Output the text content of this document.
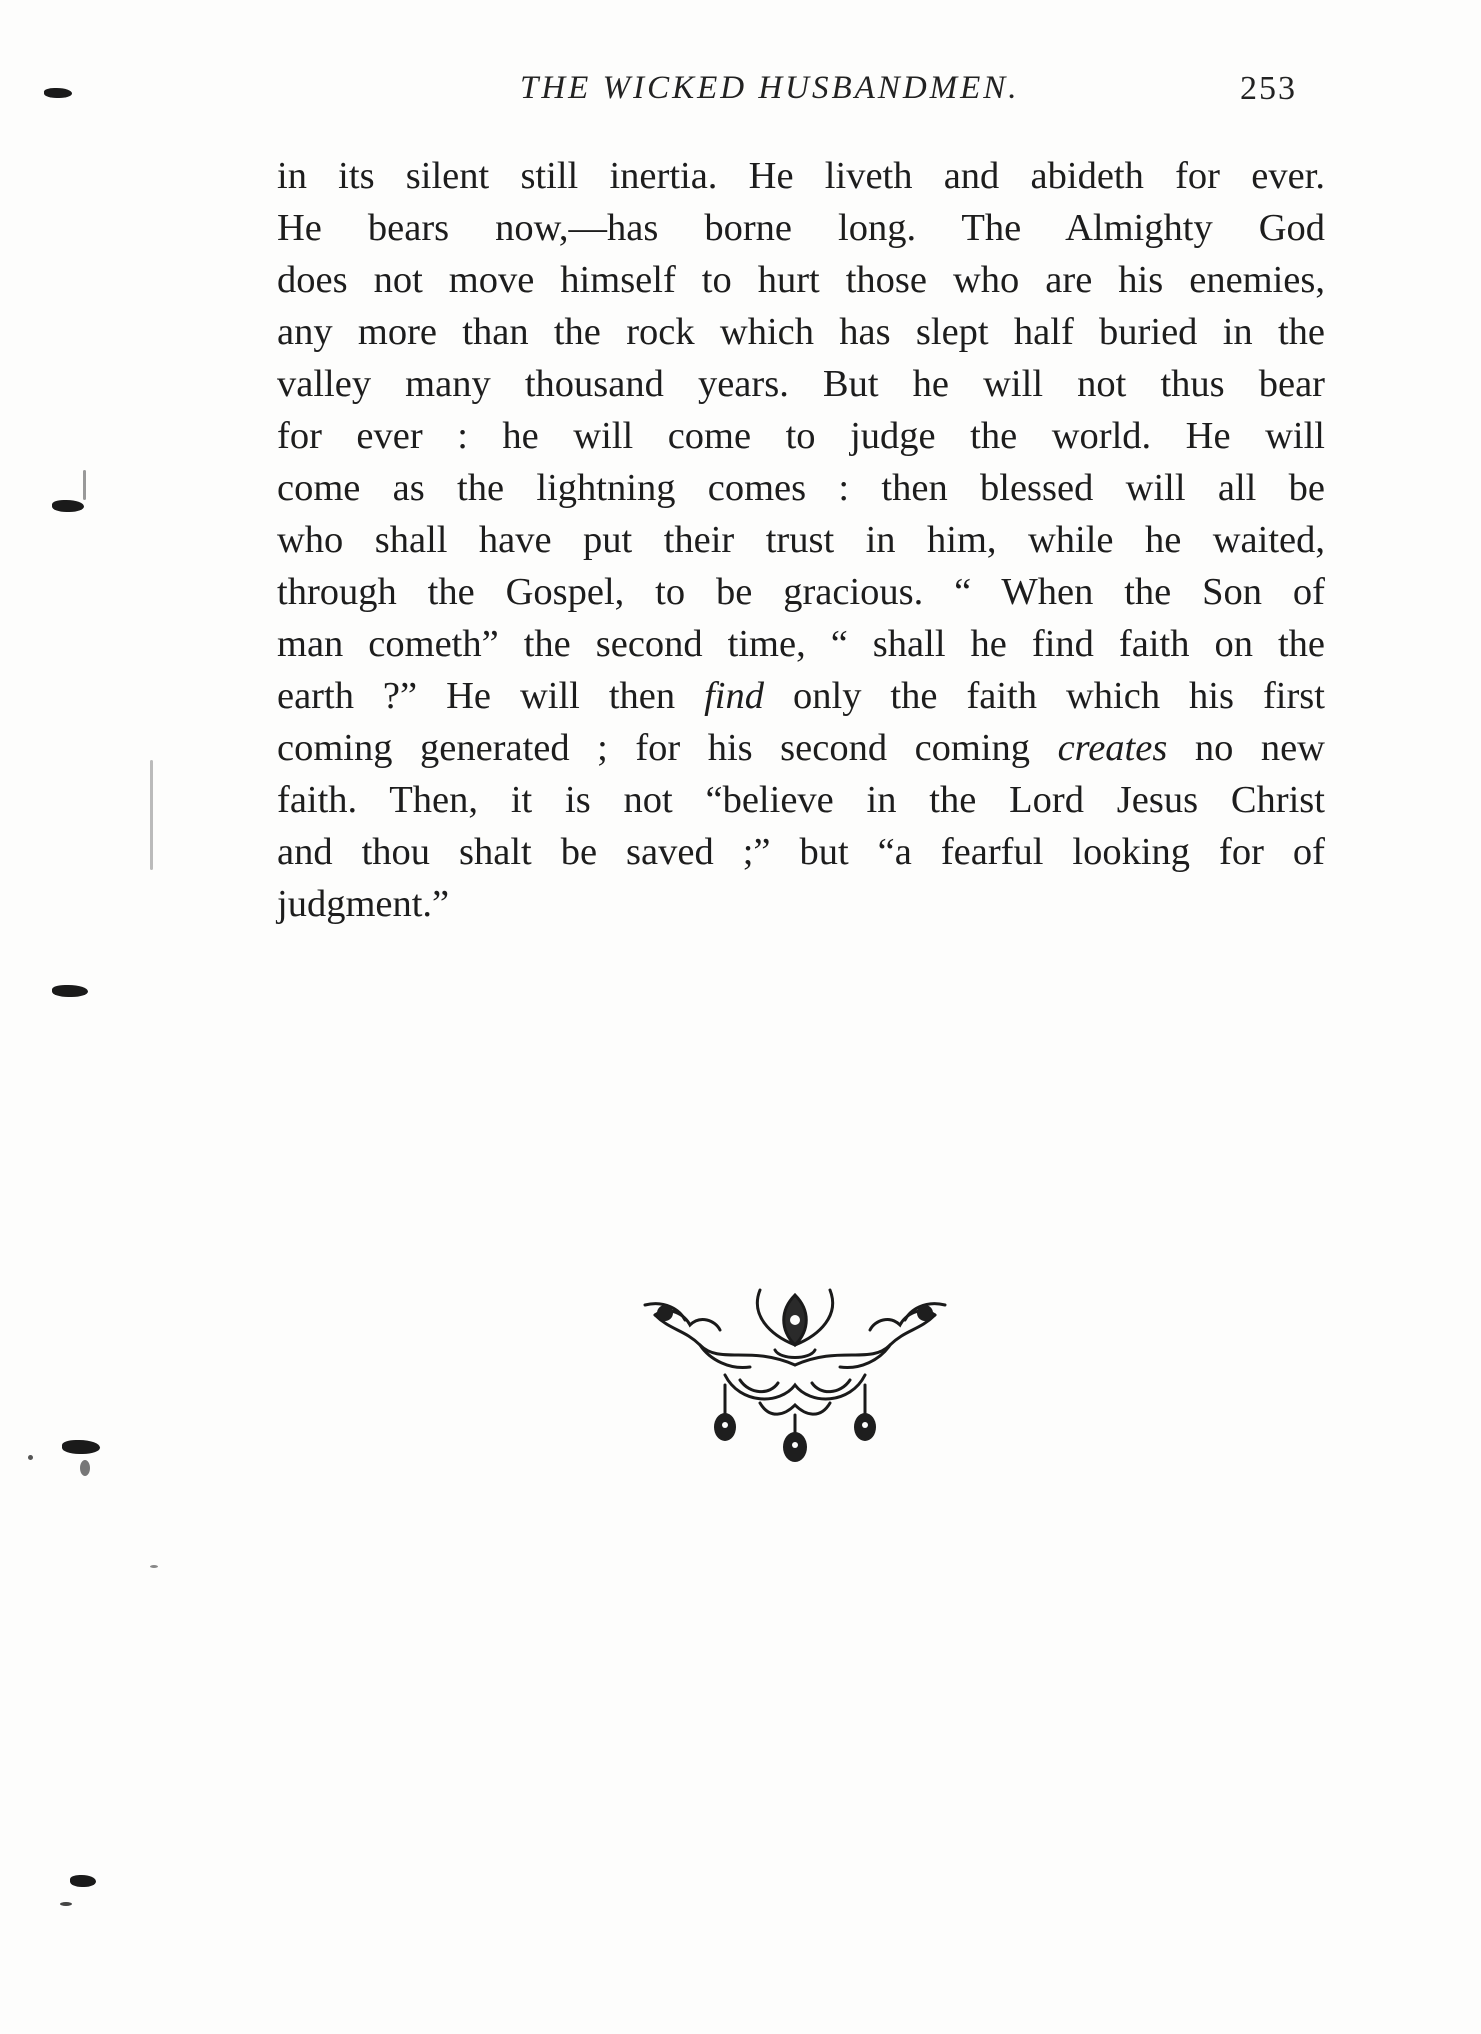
THE WICKED HUSBANDMEN.	253
in its silent still inertia. He liveth and abideth for ever.
He bears now,—has borne long. The Almighty God
does not move himself to hurt those who are his enemies,
any more than the rock which has slept half buried in the
valley many thousand years. But he will not thus bear
for ever : he will come to judge the world. He will
come as the lightning comes : then blessed will all be
who shall have put their trust in him, while he waited,
through the Gospel, to be gracious. “ When the Son of
man cometh” the second time, “ shall he find faith on the
earth ?” He will then find only the faith which his first
coming generated ; for his second coming creates no new
faith. Then, it is not “believe in the Lord Jesus Christ
and thou shalt be saved ;” but “a fearful looking for of
judgment.”
